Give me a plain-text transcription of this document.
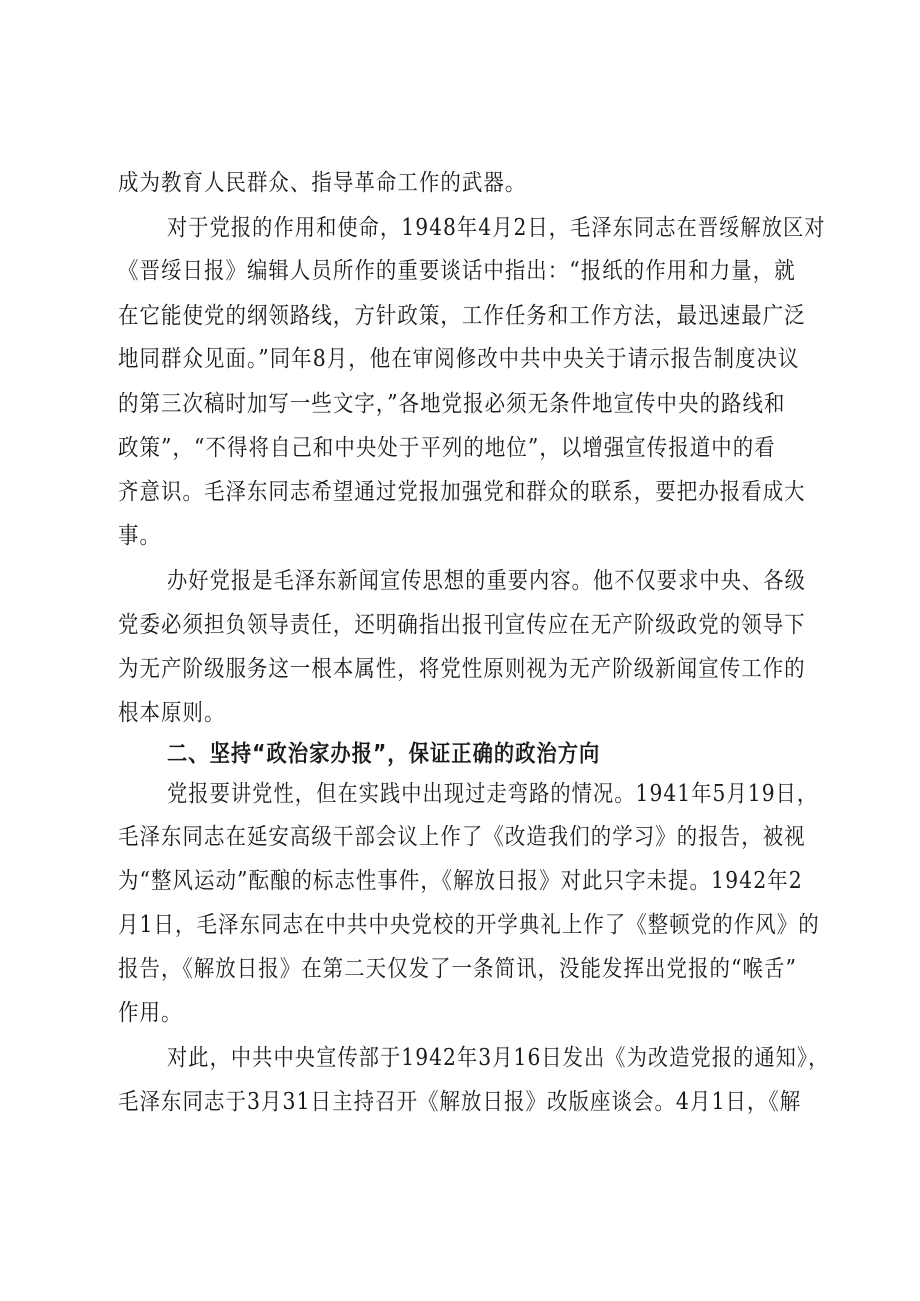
成为教育人民群众、指导革命工作的武器。
对于党报的作用和使命，1948年4月2日，毛泽东同志在晋绥解放区对
《晋绥日报》编辑人员所作的重要谈话中指出：“报纸的作用和力量，就
在它能使党的纲领路线，方针政策，工作任务和工作方法，最迅速最广泛
地同群众见面。”同年8月，他在审阅修改中共中央关于请示报告制度决议
的第三次稿时加写一些文字，”各地党报必须无条件地宣传中央的路线和
政策”，“不得将自己和中央处于平列的地位”，以增强宣传报道中的看
齐意识。毛泽东同志希望通过党报加强党和群众的联系，要把办报看成大
事。
办好党报是毛泽东新闻宣传思想的重要内容。他不仅要求中央、各级
党委必须担负领导责任，还明确指出报刊宣传应在无产阶级政党的领导下
为无产阶级服务这一根本属性，将党性原则视为无产阶级新闻宣传工作的
根本原则。
二、坚持“政治家办报”，保证正确的政治方向
党报要讲党性，但在实践中出现过走弯路的情况。1941年5月19日，
毛泽东同志在延安高级干部会议上作了《改造我们的学习》的报告，被视
为“整风运动”酝酿的标志性事件，《解放日报》对此只字未提。1942年2
月1日，毛泽东同志在中共中央党校的开学典礼上作了《整顿党的作风》的
报告，《解放日报》在第二天仅发了一条简讯，没能发挥出党报的“喉舌”
作用。
对此，中共中央宣传部于1942年3月16日发出《为改造党报的通知》，
毛泽东同志于3月31日主持召开《解放日报》改版座谈会。4月1日，《解
